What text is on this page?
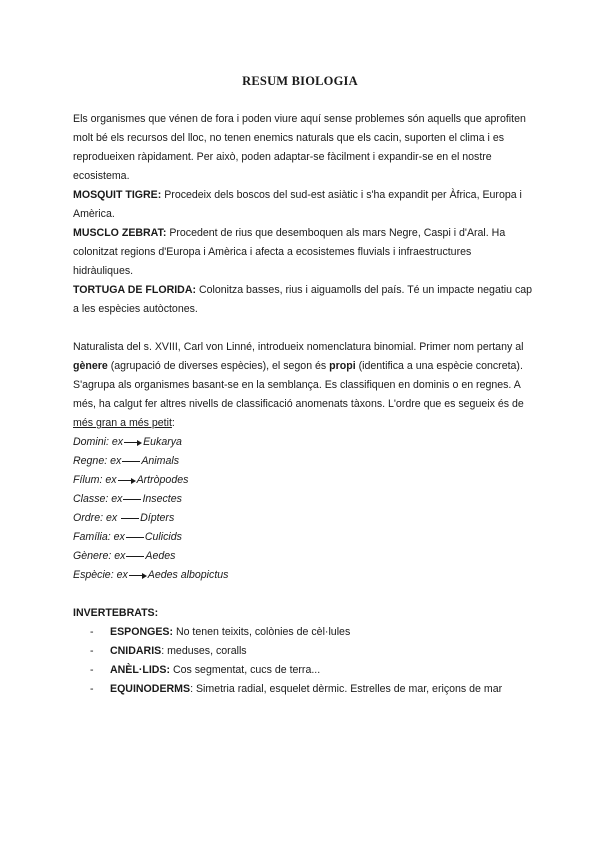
RESUM BIOLOGIA

Els organismes que vénen de fora i poden viure aquí sense problemes són aquells que aprofiten molt bé els recursos del lloc, no tenen enemics naturals que els cacin, suporten el clima i es reprodueixen ràpidament. Per això, poden adaptar-se fàcilment i expandir-se en el nostre ecosistema.

MOSQUIT TIGRE: Procedeix dels boscos del sud-est asiàtic i s'ha expandit per Àfrica, Europa i Amèrica.

MUSCLO ZEBRAT: Procedent de rius que desemboquen als mars Negre, Caspi i d'Aral. Ha colonitzat regions d'Europa i Amèrica i afecta a ecosistemes fluvials i infraestructures hidràuliques.

TORTUGA DE FLORIDA: Colonitza basses, rius i aiguamolls del país. Té un impacte negatiu cap a les espècies autòctones.

Naturalista del s. XVIII, Carl von Linné, introdueix nomenclatura binomial. Primer nom pertany al gènere (agrupació de diverses espècies), el segon és propi (identifica a una espècie concreta).

S'agrupa als organismes basant-se en la semblança. Es classifiquen en dominis o en regnes. A més, ha calgut fer altres nivells de classificació anomenats tàxons. L'ordre que es segueix és de més gran a més petit:

Domini: ex Eukarya
Regne: ex Animals
Fílum: ex Artròpodes
Classe: ex Insectes
Ordre: ex
Dípters
Família: ex Culicids
Gènere: ex Aedes
Espècie: ex Aedes albopictus

INVERTEBRATS:

- ESPONGES: No tenen teixits, colònies de cèl·lules
- CNIDARIS: meduses, coralls
- ANÈL·LIDS: Cos segmentat, cucs de terra...
- EQUINODERMS: Simetria radial, esquelet dèrmic. Estrelles de mar, eriçons de mar
